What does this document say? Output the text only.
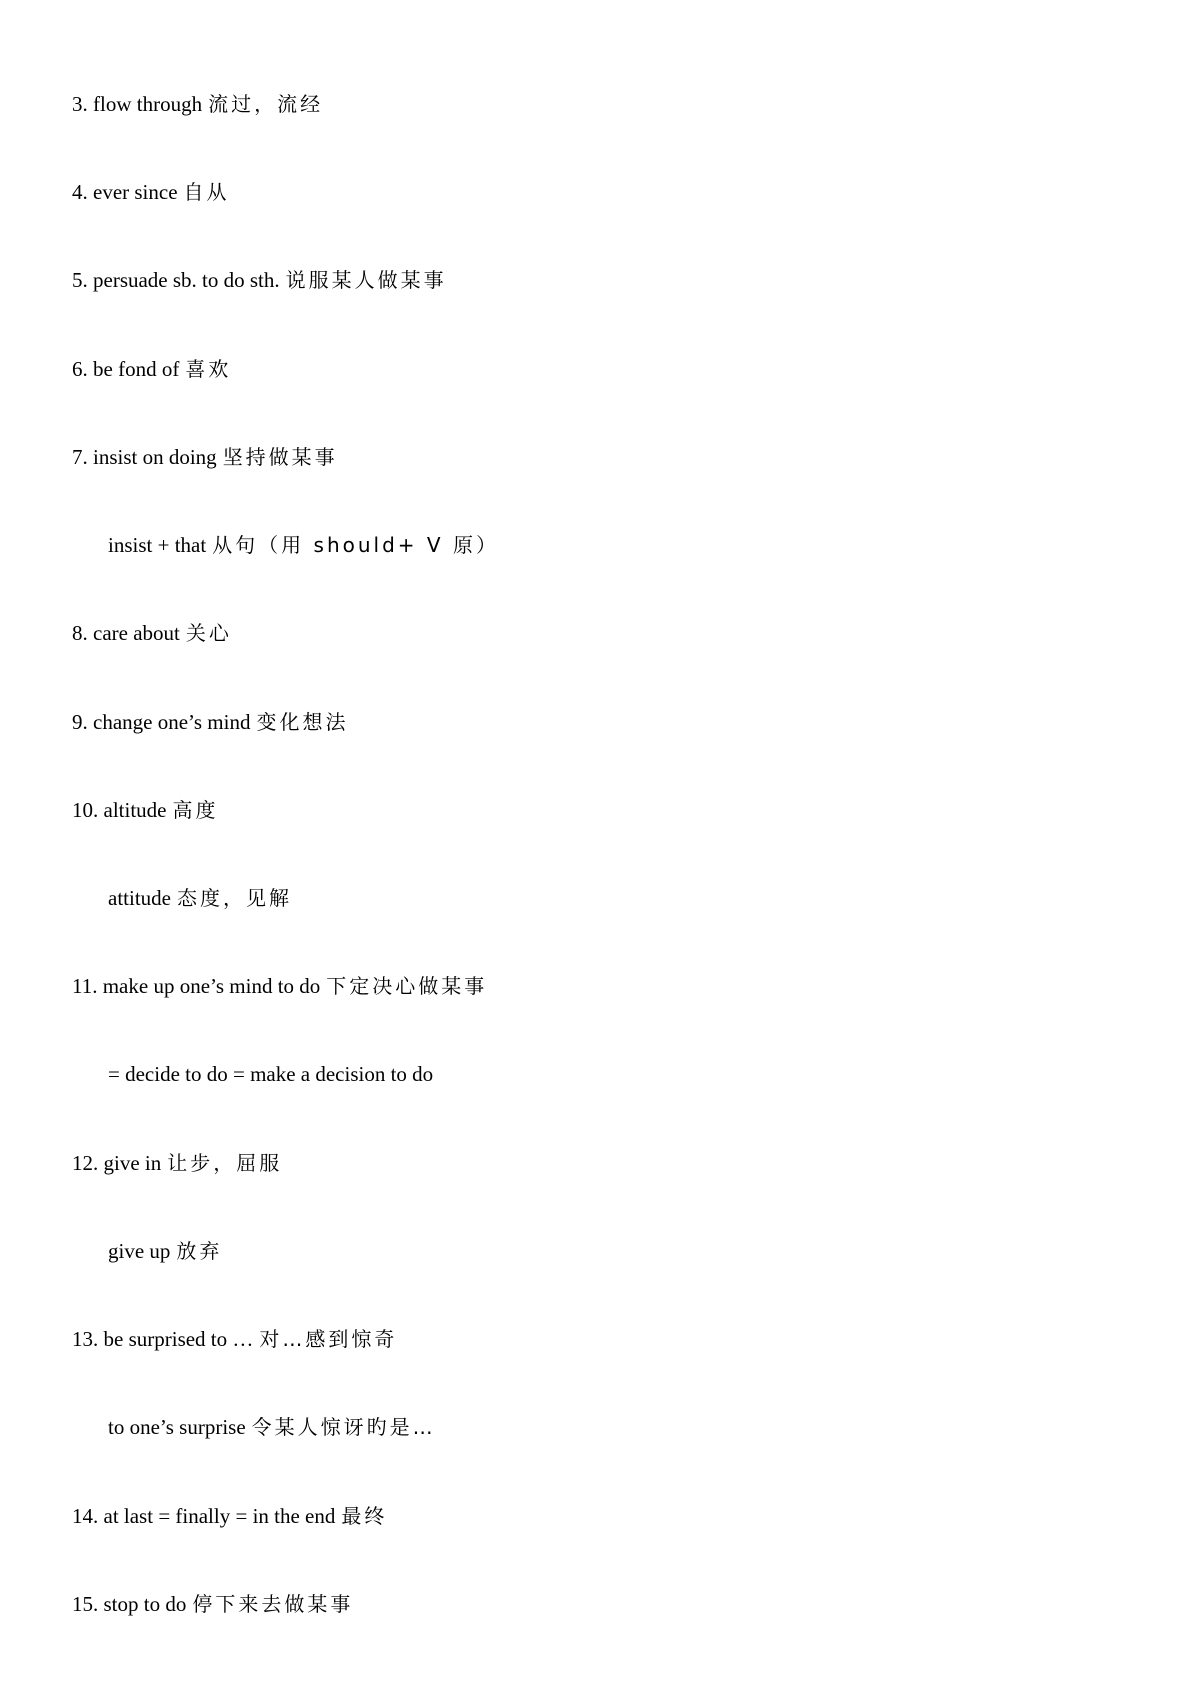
3. flow through 流过，流经
4. ever since 自从
5. persuade sb. to do sth. 说服某人做某事
6. be fond of 喜欢
7. insist on doing 坚持做某事
insist + that 从句（用 should+ V 原）
8. care about 关心
9. change one’s mind 变化想法
10. altitude 高度
attitude 态度，见解
11. make up one’s mind to do 下定决心做某事
= decide to do = make a decision to do
12. give in 让步，屈服
give up 放弃
13. be surprised to … 对…感到惊奇
to one’s surprise 令某人惊讶旳是…
14. at last = finally = in the end 最终
15. stop to do 停下来去做某事
